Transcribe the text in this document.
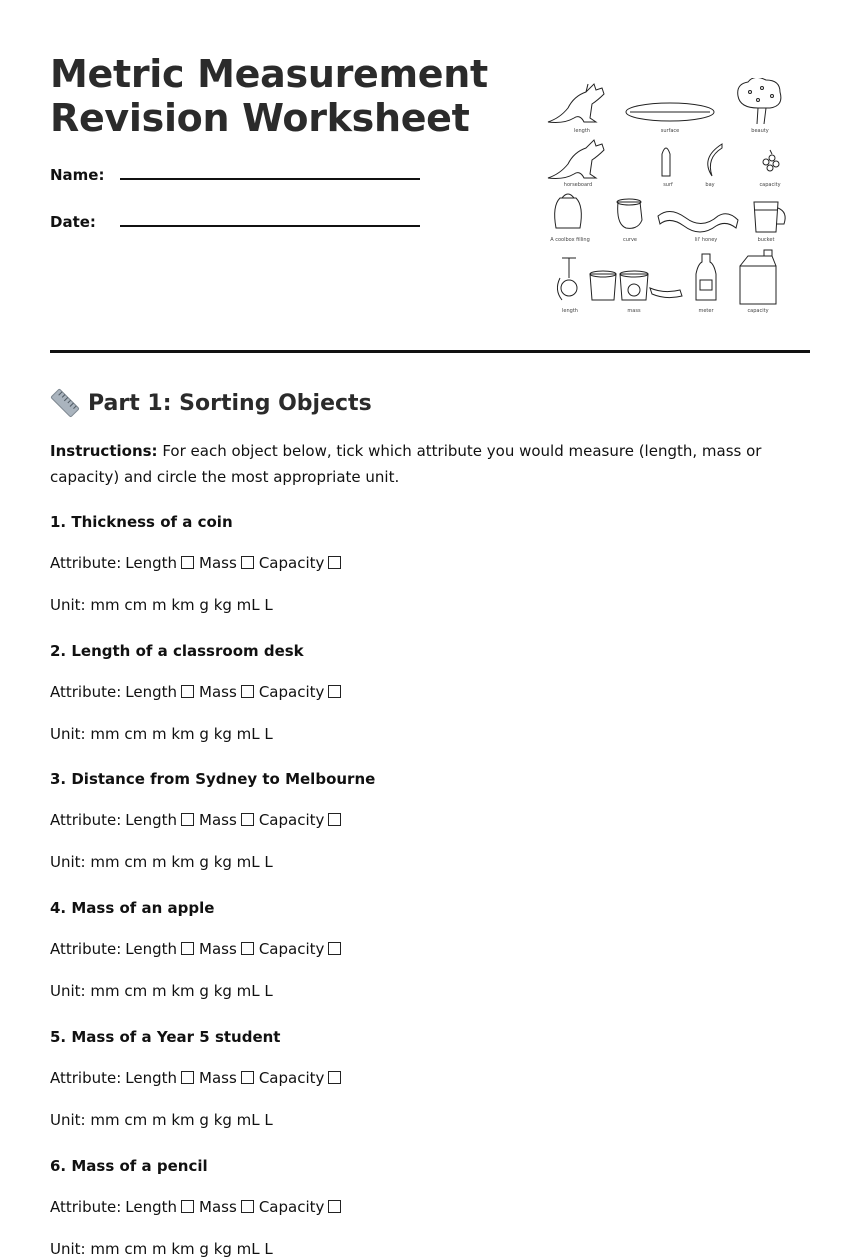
Metric Measurement
Revision Worksheet
Name:
Date:
length	surface	beauty
horseboard	surf	bay	capacity
A coolbox filling	curve	lil' honey	bucket
length	mass	meter	capacity
Part 1: Sorting Objects

Instructions: For each object below, tick which attribute you would measure (length, mass or capacity) and circle the most appropriate unit.

1. Thickness of a coin

Attribute: Length Mass Capacity
Unit: mm cm m km g kg mL L

2. Length of a classroom desk

Attribute: Length Mass Capacity
Unit: mm cm m km g kg mL L

3. Distance from Sydney to Melbourne

Attribute: Length Mass Capacity
Unit: mm cm m km g kg mL L

4. Mass of an apple

Attribute: Length Mass Capacity
Unit: mm cm m km g kg mL L

5. Mass of a Year 5 student

Attribute: Length Mass Capacity
Unit: mm cm m km g kg mL L

6. Mass of a pencil

Attribute: Length Mass Capacity
Unit: mm cm m km g kg mL L
